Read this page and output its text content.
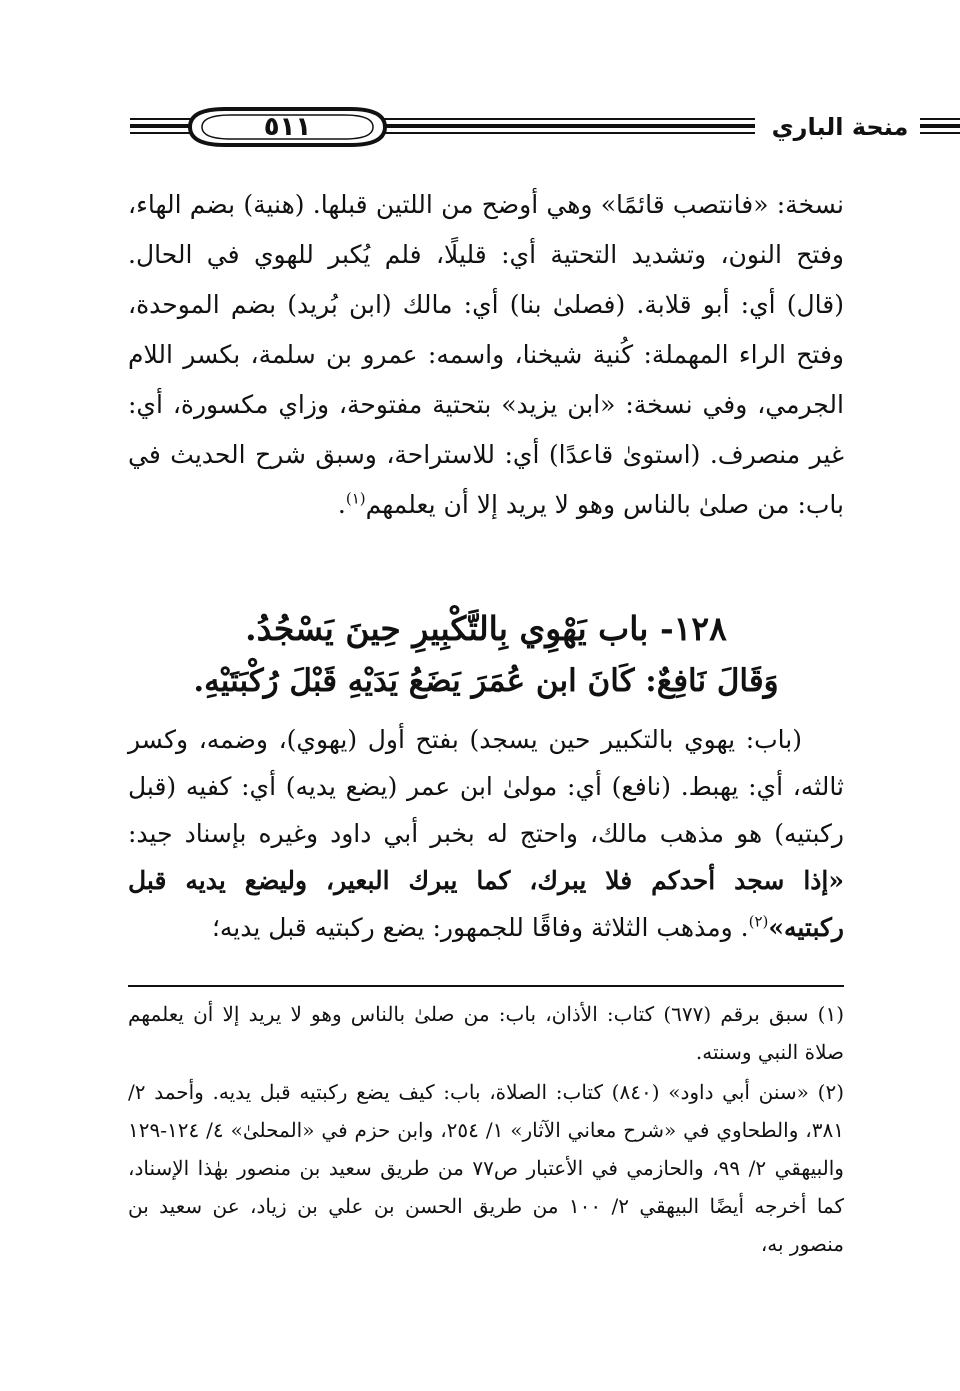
٥١١	منحة الباري

نسخة: «فانتصب قائمًا» وهي أوضح من اللتين قبلها. (هنية) بضم الهاء، وفتح النون، وتشديد التحتية أي: قليلًا، فلم يُكبر للهوي في الحال. (قال) أي: أبو قلابة. (فصلىٰ بنا) أي: مالك (ابن بُريد) بضم الموحدة، وفتح الراء المهملة: كُنية شيخنا، واسمه: عمرو بن سلمة، بكسر اللام الجرمي، وفي نسخة: «ابن يزيد» بتحتية مفتوحة، وزاي مكسورة، أي: غير منصرف. (استوىٰ قاعدًا) أي: للاستراحة، وسبق شرح الحديث في باب: من صلىٰ بالناس وهو لا يريد إلا أن يعلمهم$^{(١)}$.

١٢٨- باب يَهْوِي بِالتَّكْبِيرِ حِينَ يَسْجُدُ.

وَقَالَ نَافِعٌ: كَانَ ابن عُمَرَ يَضَعُ يَدَيْهِ قَبْلَ رُكْبَتَيْهِ.

(باب: يهوي بالتكبير حين يسجد) بفتح أول (يهوي)، وضمه، وكسر ثالثه، أي: يهبط. (نافع) أي: مولىٰ ابن عمر (يضع يديه) أي: كفيه (قبل ركبتيه) هو مذهب مالك، واحتج له بخبر أبي داود وغيره بإسناد جيد: «إذا سجد أحدكم فلا يبرك، كما يبرك البعير، وليضع يديه قبل ركبتيه»$^{(٢)}$. ومذهب الثلاثة وفاقًا للجمهور: يضع ركبتيه قبل يديه؛

(١) سبق برقم (٦٧٧) كتاب: الأذان، باب: من صلىٰ بالناس وهو لا يريد إلا أن يعلمهم صلاة النبي وسنته.

(٢) «سنن أبي داود» (٨٤٠) كتاب: الصلاة، باب: كيف يضع ركبتيه قبل يديه. وأحمد ٢/ ٣٨١، والطحاوي في «شرح معاني الآثار» ١/ ٢٥٤، وابن حزم في «المحلىٰ» ٤/ ١٢٤-١٢٩ والبيهقي ٢/ ٩٩، والحازمي في الأعتبار ص٧٧ من طريق سعيد بن منصور بهٰذا الإسناد، كما أخرجه أيضًا البيهقي ٢/ ١٠٠ من طريق الحسن بن علي بن زياد، عن سعيد بن منصور به،
